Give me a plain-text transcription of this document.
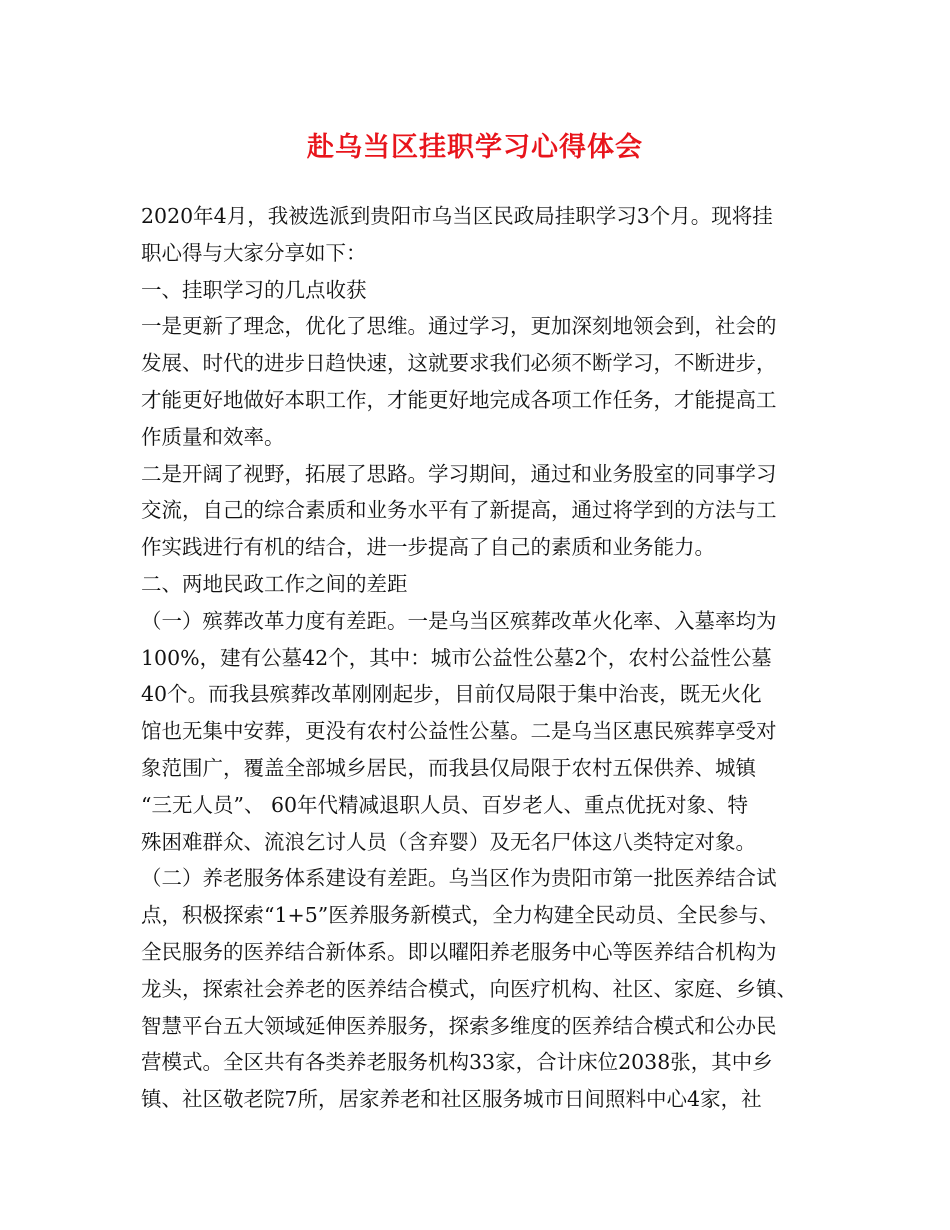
赴乌当区挂职学习心得体会
2020年4月，我被选派到贵阳市乌当区民政局挂职学习3个月。现将挂
职心得与大家分享如下：
一、挂职学习的几点收获
一是更新了理念，优化了思维。通过学习，更加深刻地领会到，社会的
发展、时代的进步日趋快速，这就要求我们必须不断学习，不断进步，
才能更好地做好本职工作，才能更好地完成各项工作任务，才能提高工
作质量和效率。
二是开阔了视野，拓展了思路。学习期间，通过和业务股室的同事学习
交流，自己的综合素质和业务水平有了新提高，通过将学到的方法与工
作实践进行有机的结合，进一步提高了自己的素质和业务能力。
二、两地民政工作之间的差距
（一）殡葬改革力度有差距。一是乌当区殡葬改革火化率、入墓率均为
100%，建有公墓42个，其中：城市公益性公墓2个，农村公益性公墓
40个。而我县殡葬改革刚刚起步，目前仅局限于集中治丧，既无火化
馆也无集中安葬，更没有农村公益性公墓。二是乌当区惠民殡葬享受对
象范围广，覆盖全部城乡居民，而我县仅局限于农村五保供养、城镇
“三无人员”、 60年代精减退职人员、百岁老人、重点优抚对象、特
殊困难群众、流浪乞讨人员（含弃婴）及无名尸体这八类特定对象。
（二）养老服务体系建设有差距。乌当区作为贵阳市第一批医养结合试
点，积极探索“1+5”医养服务新模式，全力构建全民动员、全民参与、
全民服务的医养结合新体系。即以曜阳养老服务中心等医养结合机构为
龙头，探索社会养老的医养结合模式，向医疗机构、社区、家庭、乡镇、
智慧平台五大领域延伸医养服务，探索多维度的医养结合模式和公办民
营模式。全区共有各类养老服务机构33家，合计床位2038张，其中乡
镇、社区敬老院7所，居家养老和社区服务城市日间照料中心4家，社
